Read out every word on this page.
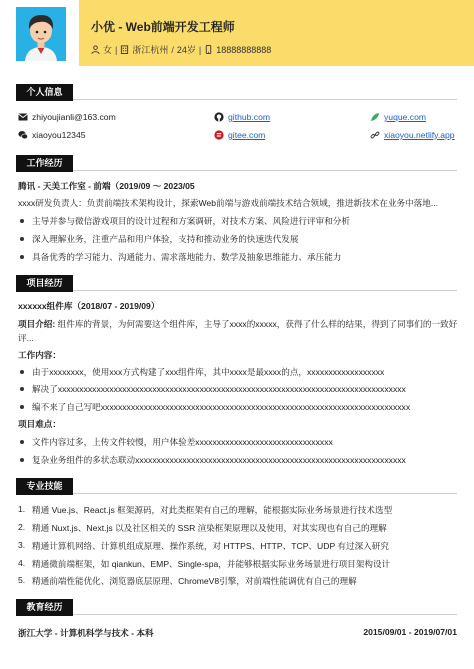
小优 - Web前端开发工程师
女 | 浙江杭州 / 24岁 | 18888888888
个人信息
zhiyoujianli@163.com	github.com	yuque.com
xiaoyou12345	gitee.com	xiaoyou.netlify.app
工作经历
腾讯 - 天美工作室 - 前端（2019/09 ～ 2023/05
xxxx研发负责人：负责前端技术架构设计，探索Web前端与游戏前端技术结合领域，推进新技术在业务中落地...
主导并参与微信游戏项目的设计过程和方案调研，对技术方案、风险进行评审和分析
深入理解业务，注重产品和用户体验，支持和推动业务的快速迭代发展
具备优秀的学习能力、沟通能力、需求落地能力、数学及抽象思维能力、承压能力
项目经历
xxxxxx组件库（2018/07 - 2019/09）
项目介绍: 组件库的背景，为何需要这个组件库，主导了xxxx的xxxxx，获得了什么样的结果，得到了同事们的一致好
评...
工作内容：
由于xxxxxxxx，使用xxx方式构建了xxx组件库，其中xxxx是最xxxx的点，xxxxxxxxxxxxxxxxxx
解决了xxxxxxxxxxxxxxxxxxxxxxxxxxxxxxxxxxxxxxxxxxxxxxxxxxxxxxxxxxxxxxxxxxxxxxxxxxxxxxxxx
编不来了自己写吧xxxxxxxxxxxxxxxxxxxxxxxxxxxxxxxxxxxxxxxxxxxxxxxxxxxxxxxxxxxxxxxxxxxxxxxx
项目难点：
文件内容过多，上传文件较慢，用户体验差xxxxxxxxxxxxxxxxxxxxxxxxxxxxxxxx
复杂业务组件的多状态联动xxxxxxxxxxxxxxxxxxxxxxxxxxxxxxxxxxxxxxxxxxxxxxxxxxxxxxxxxxxxxxx
专业技能
1. 精通 Vue.js、React.js 框架源码，对此类框架有自己的理解，能根据实际业务场景进行技术选型
2. 精通 Nuxt.js、Next.js 以及社区相关的 SSR 渲染框架原理以及使用，对其实现也有自己的理解
3. 精通计算机网络、计算机组成原理、操作系统，对 HTTPS、HTTP、TCP、UDP 有过深入研究
4. 精通微前端框架，如 qiankun、EMP、Single-spa，并能够根据实际业务场景进行项目架构设计
5. 精通前端性能优化、浏览器底层原理、ChromeV8引擎，对前端性能调优有自己的理解
教育经历
浙江大学 - 计算机科学与技术 - 本科	2015/09/01 - 2019/07/01
